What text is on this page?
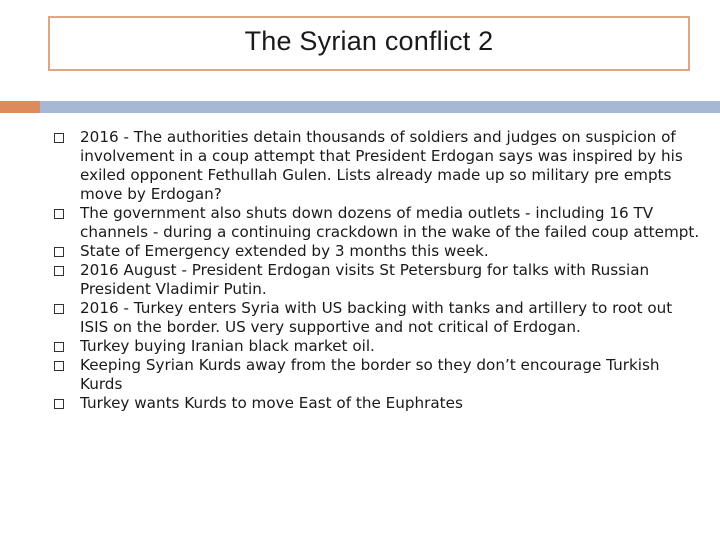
The Syrian conflict 2
2016 - The authorities detain thousands of soldiers and judges on suspicion of involvement in a coup attempt that President Erdogan says was inspired by his exiled opponent Fethullah Gulen. Lists already made up so military pre empts move by Erdogan?
The government also shuts down dozens of media outlets - including 16 TV channels - during a continuing crackdown in the wake of the failed coup attempt.
State of Emergency extended by 3 months this week.
2016 August - President Erdogan visits St Petersburg for talks with Russian President Vladimir Putin.
2016 - Turkey enters Syria with US backing with tanks and artillery to root out ISIS on the border. US very supportive and not critical of Erdogan.
Turkey buying Iranian black market oil.
Keeping Syrian Kurds away from the border so they don’t encourage Turkish Kurds
Turkey wants Kurds to move East of the Euphrates
